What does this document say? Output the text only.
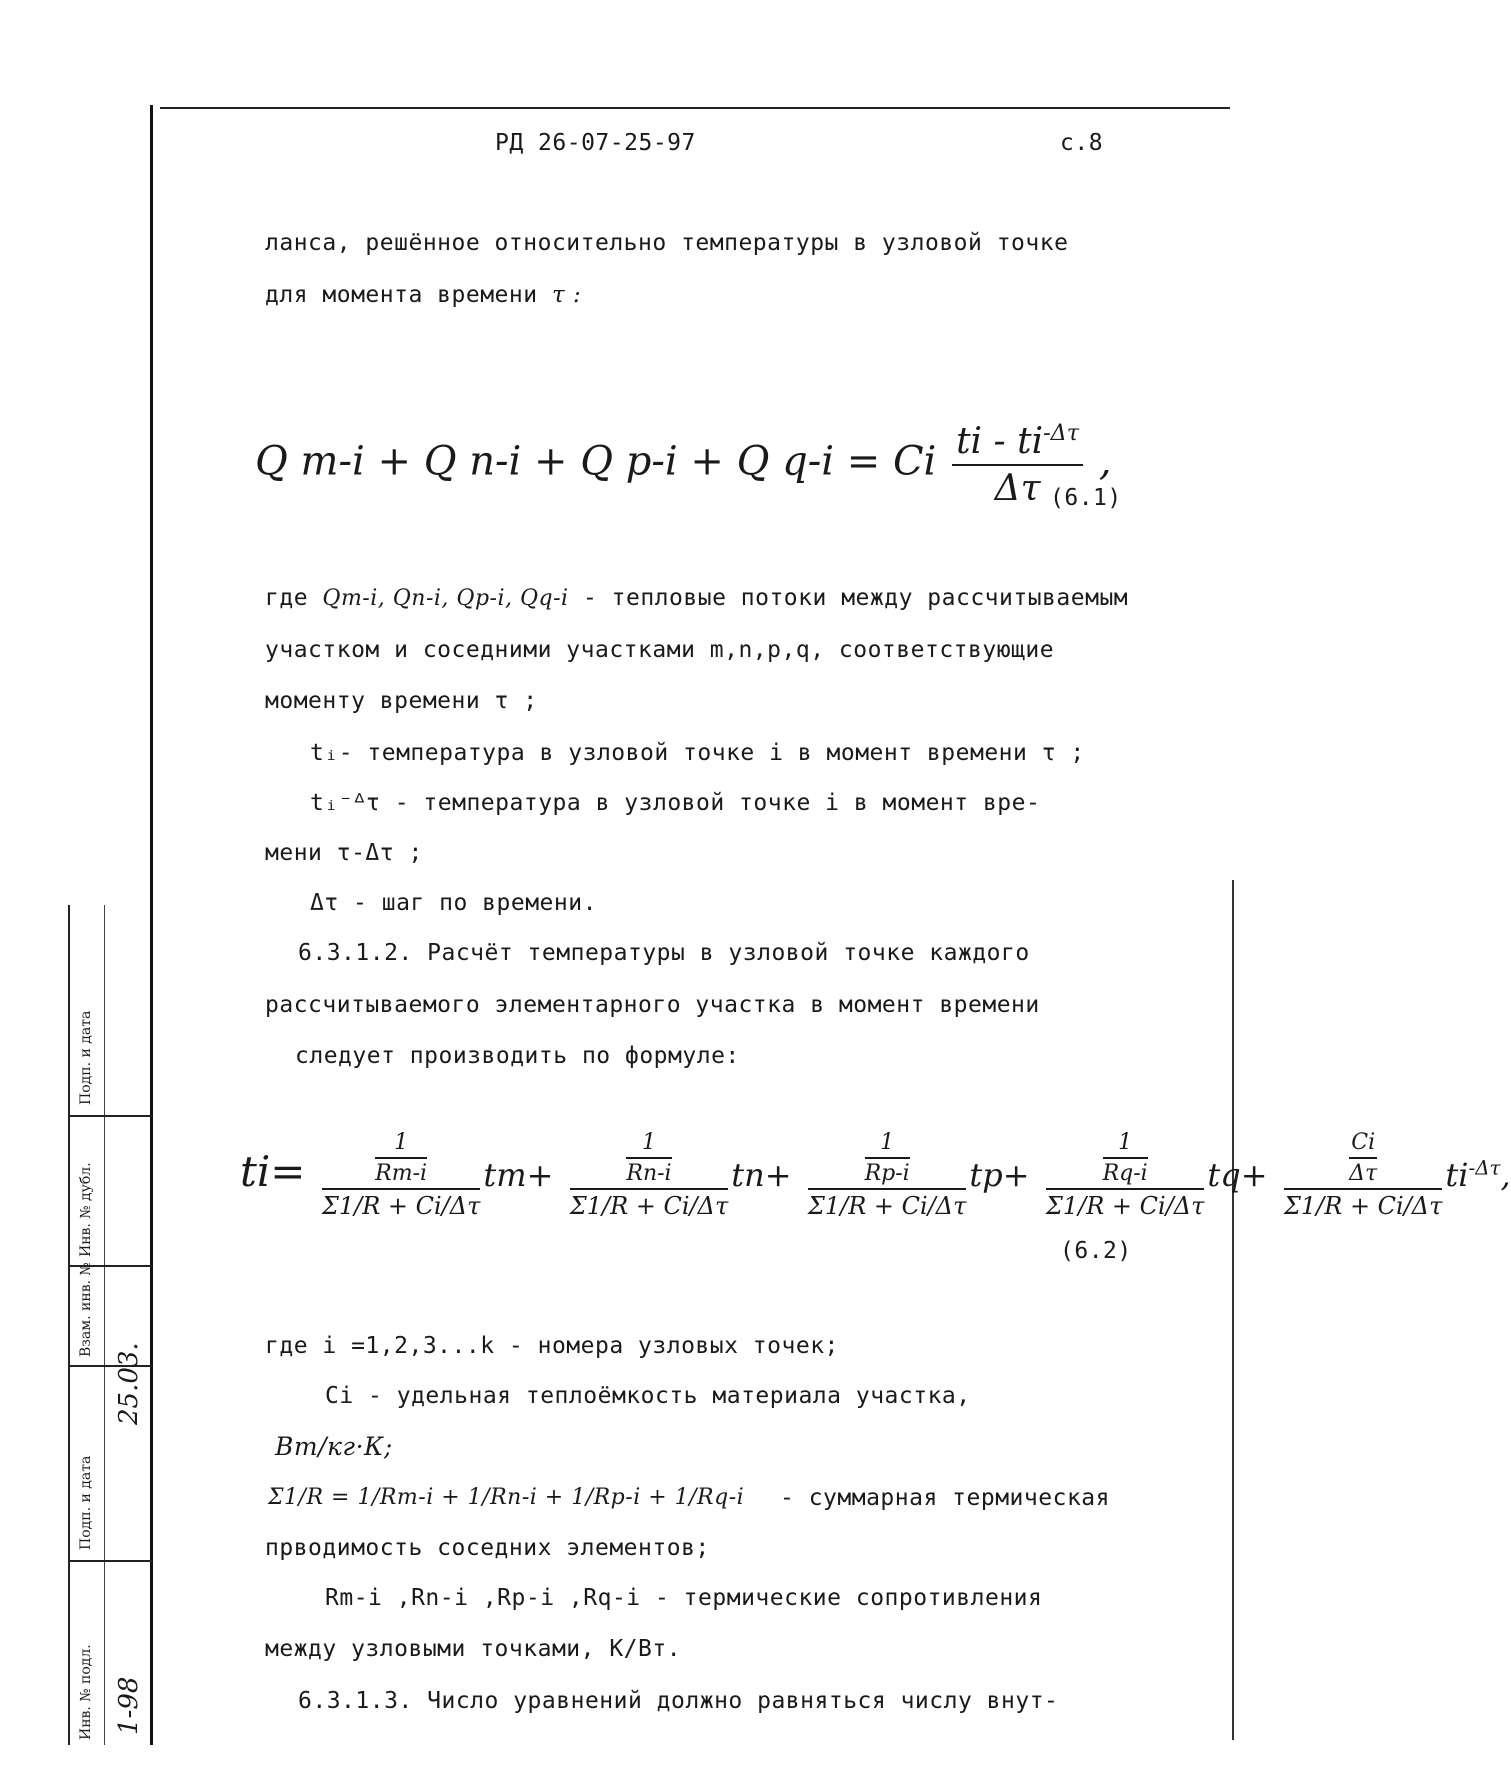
РД 26-07-25-97	с.8
ланса, решённое относительно температуры в узловой точке
для момента времени τ :
Q m-i + Q n-i + Q p-i + Q q-i = Ci $\frac{ti - ti^{-\Delta\tau}}{\Delta\tau}$ ,
(6.1)
где Qm-i, Qn-i, Qp-i, Qq-i - тепловые потоки между рассчитываемым
участком и соседними участками m,n,p,q, соответствующие
моменту времени τ ;
tᵢ- температура в узловой точке i в момент времени τ ;
tᵢ⁻ᐞτ - температура в узловой точке i в момент вре-
мени τ-Δτ ;
Δτ - шаг по времени.
6.3.1.2. Расчёт температуры в узловой точке каждого
рассчитываемого элементарного участка в момент времени
следует производить по формуле:
$ti= \frac{\frac{1}{Rm-i}}{\Sigma 1/R + Ci/\Delta\tau} tm+ \frac{\frac{1}{Rn-i}}{\Sigma 1/R + Ci/\Delta\tau} tn+ \frac{\frac{1}{Rp-i}}{\Sigma 1/R + Ci/\Delta\tau} tp+ \frac{\frac{1}{Rq-i}}{\Sigma 1/R + Ci/\Delta\tau} tq+$	$\frac{Ci}{\Delta\tau}$
Σ1/R + Ci/Δτ
$ti^{-\Delta\tau}$,
(6.2)
где i =1,2,3...k - номера узловых точек;
Ci - удельная теплоёмкость материала участка,
Вт/кг·К;
Σ1/R = 1/Rm-i + 1/Rn-i + 1/Rp-i + 1/Rq-i - суммарная термическая
прводимость соседних элементов;
Rm-i ,Rn-i ,Rp-i ,Rq-i - термические сопротивления
между узловыми точками, К/Вт.
6.3.1.3. Число уравнений должно равняться числу внут-
Подп. и дата
Инв. № дубл.
Взам. инв. №
Подп. и дата
Инв. № подл.
25.03.
1-98
